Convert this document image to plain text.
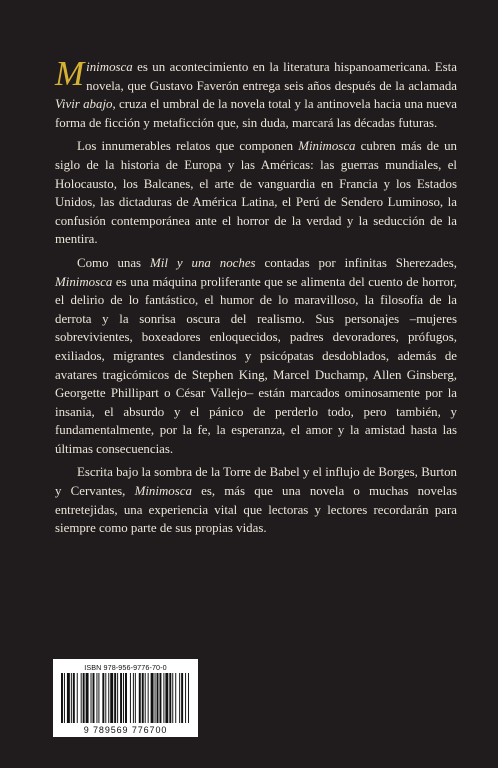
Minimosca es un acontecimiento en la literatura hispanoamericana. Esta novela, que Gustavo Faverón entrega seis años después de la aclamada Vivir abajo, cruza el umbral de la novela total y la antinovela hacia una nueva forma de ficción y metaficción que, sin duda, marcará las décadas futuras.

Los innumerables relatos que componen Minimosca cubren más de un siglo de la historia de Europa y las Américas: las guerras mundiales, el Holocausto, los Balcanes, el arte de vanguardia en Francia y los Estados Unidos, las dictaduras de América Latina, el Perú de Sendero Luminoso, la confusión contemporánea ante el horror de la verdad y la seducción de la mentira.

Como unas Mil y una noches contadas por infinitas Sherezades, Minimosca es una máquina proliferante que se alimenta del cuento de horror, el delirio de lo fantástico, el humor de lo maravilloso, la filosofía de la derrota y la sonrisa oscura del realismo. Sus personajes –mujeres sobrevivientes, boxeadores enloquecidos, padres devoradores, prófugos, exiliados, migrantes clandestinos y psicópatas desdoblados, además de avatares tragicómicos de Stephen King, Marcel Duchamp, Allen Ginsberg, Georgette Phillipart o César Vallejo– están marcados ominosamente por la insania, el absurdo y el pánico de perderlo todo, pero también, y fundamentalmente, por la fe, la esperanza, el amor y la amistad hasta las últimas consecuencias.

Escrita bajo la sombra de la Torre de Babel y el influjo de Borges, Burton y Cervantes, Minimosca es, más que una novela o muchas novelas entretejidas, una experiencia vital que lectoras y lectores recordarán para siempre como parte de sus propias vidas.

ISBN 978-956-9776-70-0
9 789569 776700
